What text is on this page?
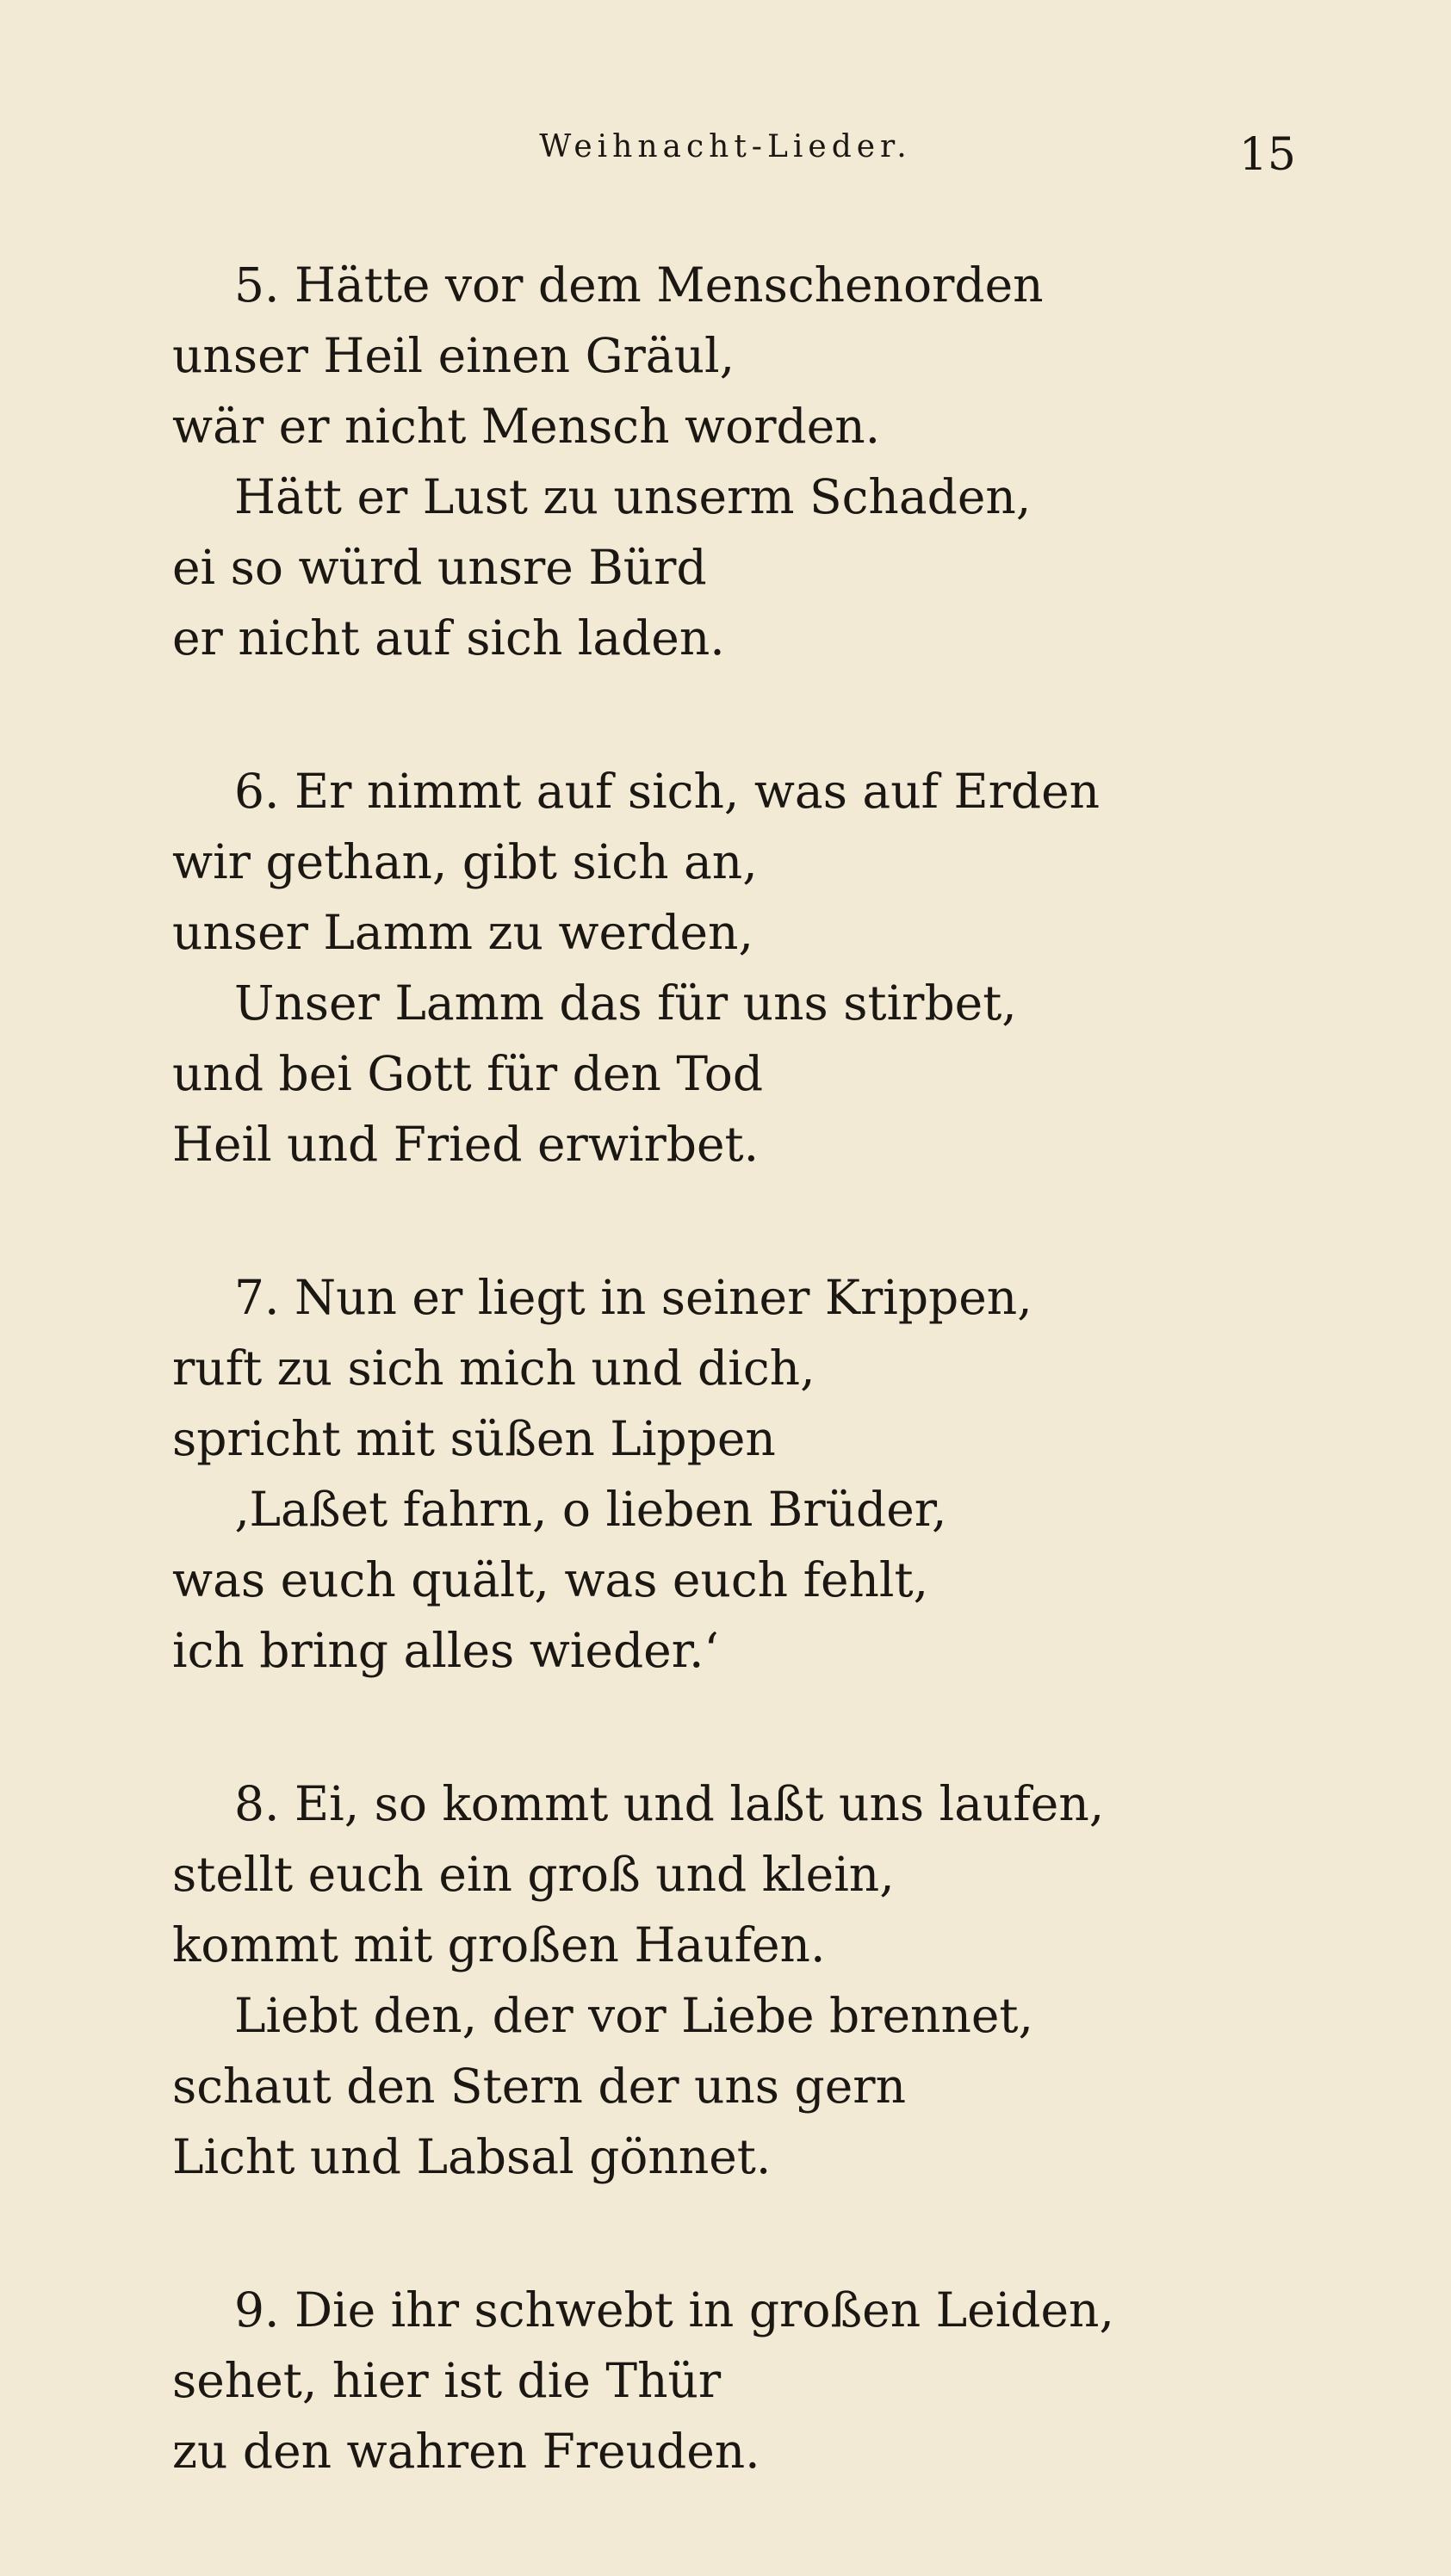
Weihnacht-Lieder.	15
5. Hätte vor dem Menschenorden
unser Heil einen Gräul,
wär er nicht Mensch worden.
Hätt er Lust zu unserm Schaden,
ei so würd unsre Bürd
er nicht auf sich laden.
6. Er nimmt auf sich, was auf Erden
wir gethan, gibt sich an,
unser Lamm zu werden,
Unser Lamm das für uns stirbet,
und bei Gott für den Tod
Heil und Fried erwirbet.
7. Nun er liegt in seiner Krippen,
ruft zu sich mich und dich,
spricht mit süßen Lippen
‚Laßet fahrn, o lieben Brüder,
was euch quält, was euch fehlt,
ich bring alles wieder.‘
8. Ei, so kommt und laßt uns laufen,
stellt euch ein groß und klein,
kommt mit großen Haufen.
Liebt den, der vor Liebe brennet,
schaut den Stern der uns gern
Licht und Labsal gönnet.
9. Die ihr schwebt in großen Leiden,
sehet, hier ist die Thür
zu den wahren Freuden.
